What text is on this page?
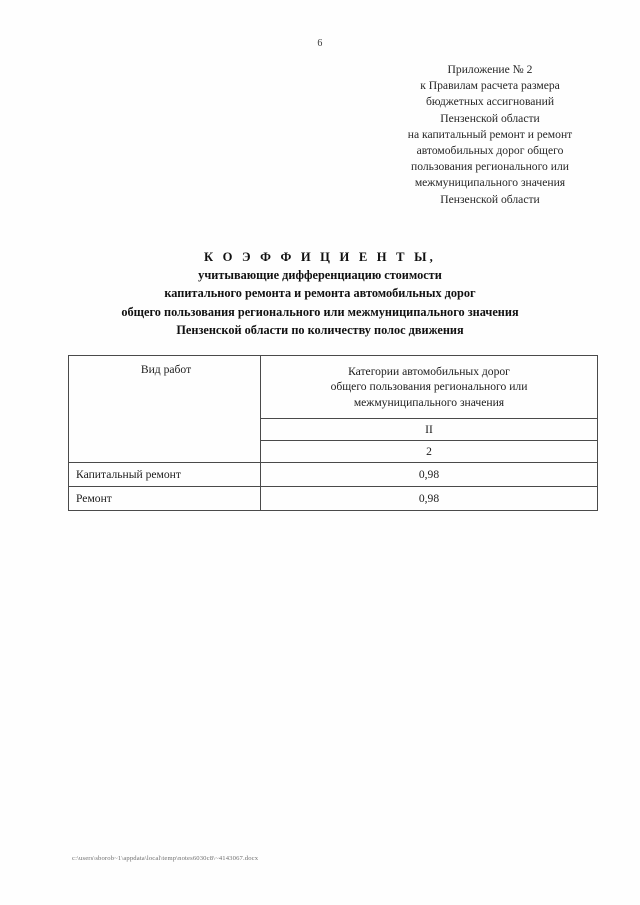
6
Приложение № 2
к Правилам расчета размера
бюджетных ассигнований
Пензенской области
на капитальный ремонт и ремонт
автомобильных дорог общего
пользования регионального или
межмуниципального значения
Пензенской области
К О Э Ф Ф И Ц И Е Н Т Ы,
учитывающие дифференциацию стоимости
капитального ремонта и ремонта автомобильных дорог
общего пользования регионального или межмуниципального значения
Пензенской области по количеству полос движения
Вид работ	Категории автомобильных дорог
общего пользования регионального или
межмуниципального значения

	II
	2
Капитальный ремонт	0,98
Ремонт	0,98
c:\users\sborob~1\appdata\local\temp\notes6030c8\~4143067.docx
